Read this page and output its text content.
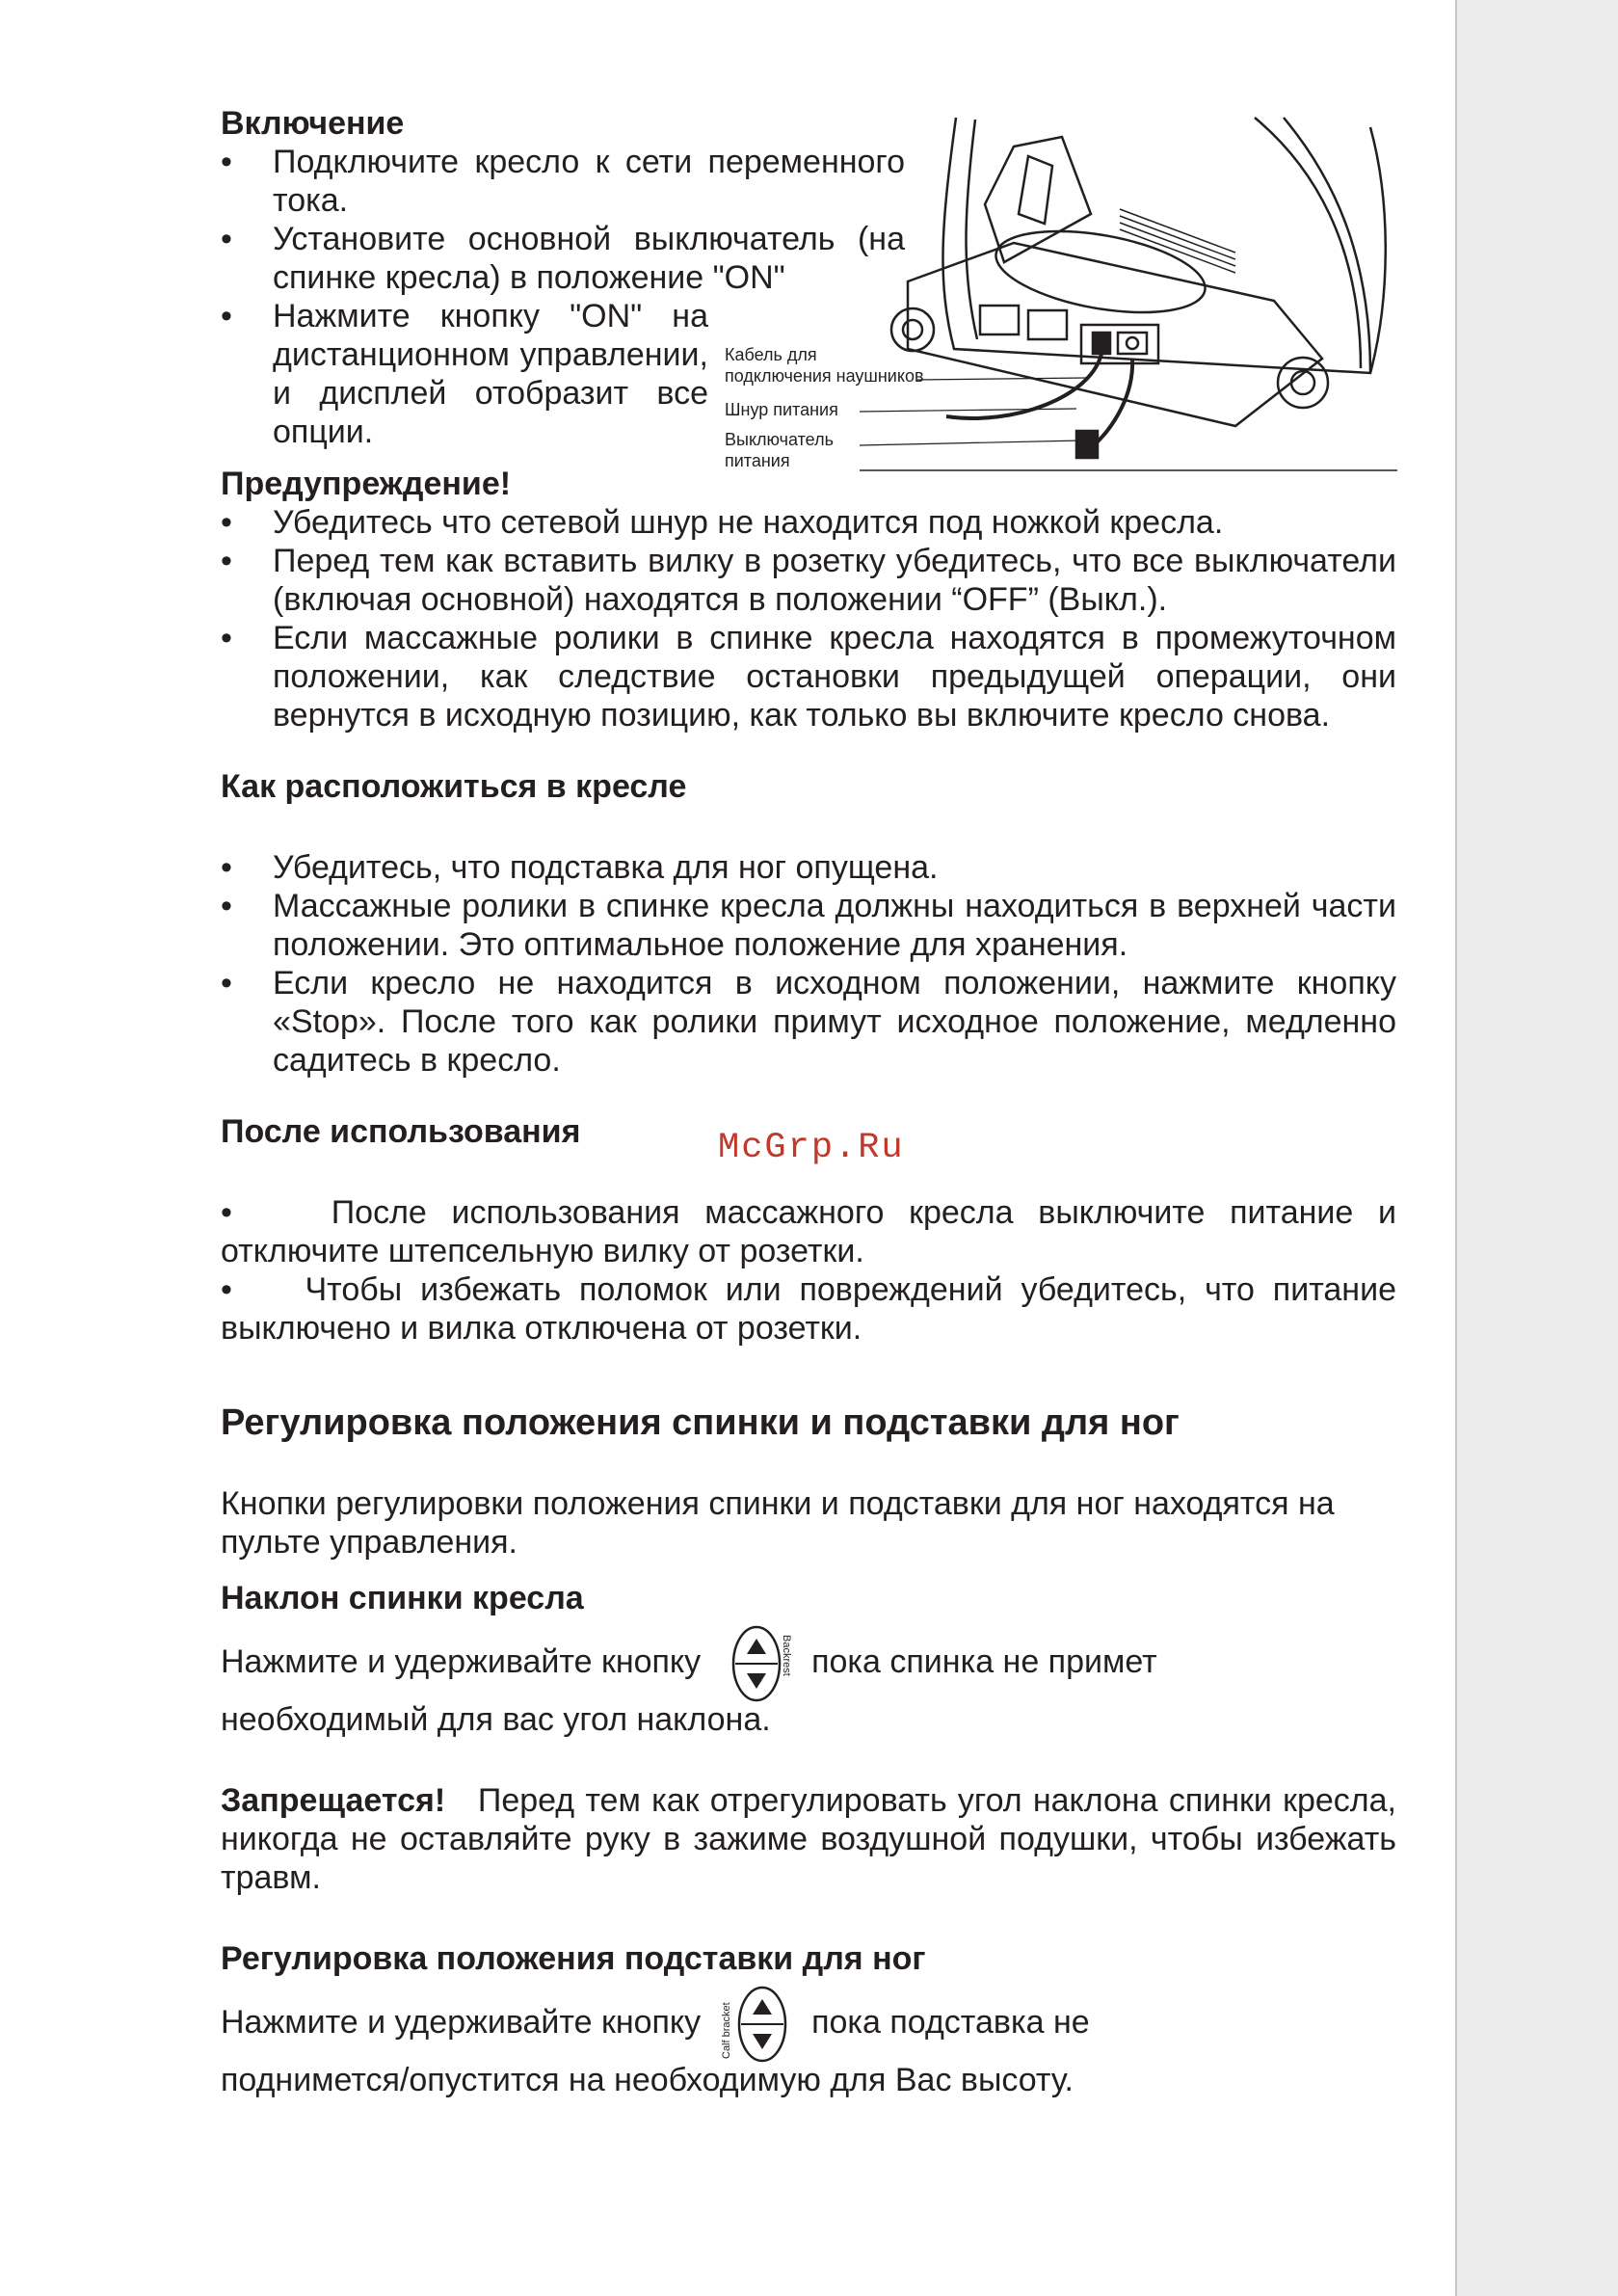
Кабель для
подключения наушников
Шнур питания
Выключатель
питания
McGrp.Ru

Включение

• Подключите кресло к сети переменного тока.
• Установите основной выключатель (на спинке кресла) в положение "ON"
• Нажмите кнопку "ON" на дистанционном управлении, и дисплей отобразит все опции.

Предупреждение!

• Убедитесь что сетевой шнур не находится под ножкой кресла.
• Перед тем как вставить вилку в розетку убедитесь, что все выключатели (включая основной) находятся в положении “OFF” (Выкл.).
• Если массажные ролики в спинке кресла находятся в промежуточном положении, как следствие остановки предыдущей операции, они вернутся в исходную позицию, как только вы включите кресло снова.

Как расположиться в кресле

• Убедитесь, что подставка для ног опущена.
• Массажные ролики в спинке кресла должны находиться в верхней части положении. Это оптимальное положение для хранения.
• Если кресло не находится в исходном положении, нажмите кнопку «Stop». После того как ролики примут исходное положение, медленно садитесь в кресло.

После использования

•    После использования массажного кресла выключите питание и отключите штепсельную вилку от розетки.

•    Чтобы избежать поломок или повреждений убедитесь, что питание выключено и вилка отключена от розетки.

Регулировка положения спинки и подставки для ног

Кнопки регулировки положения спинки и подставки для ног находятся на пульте управления.

Наклон спинки кресла

Нажмите и удерживайте кнопку	Backrest пока спинка не примет

необходимый для вас угол наклона.

Запрещается! Перед тем как отрегулировать угол наклона спинки кресла, никогда не оставляйте руку в зажиме воздушной подушки, чтобы избежать травм.

Регулировка положения подставки для ног

Нажмите и удерживайте кнопку Calf bracket пока подставка не

поднимется/опустится на необходимую для Вас высоту.
